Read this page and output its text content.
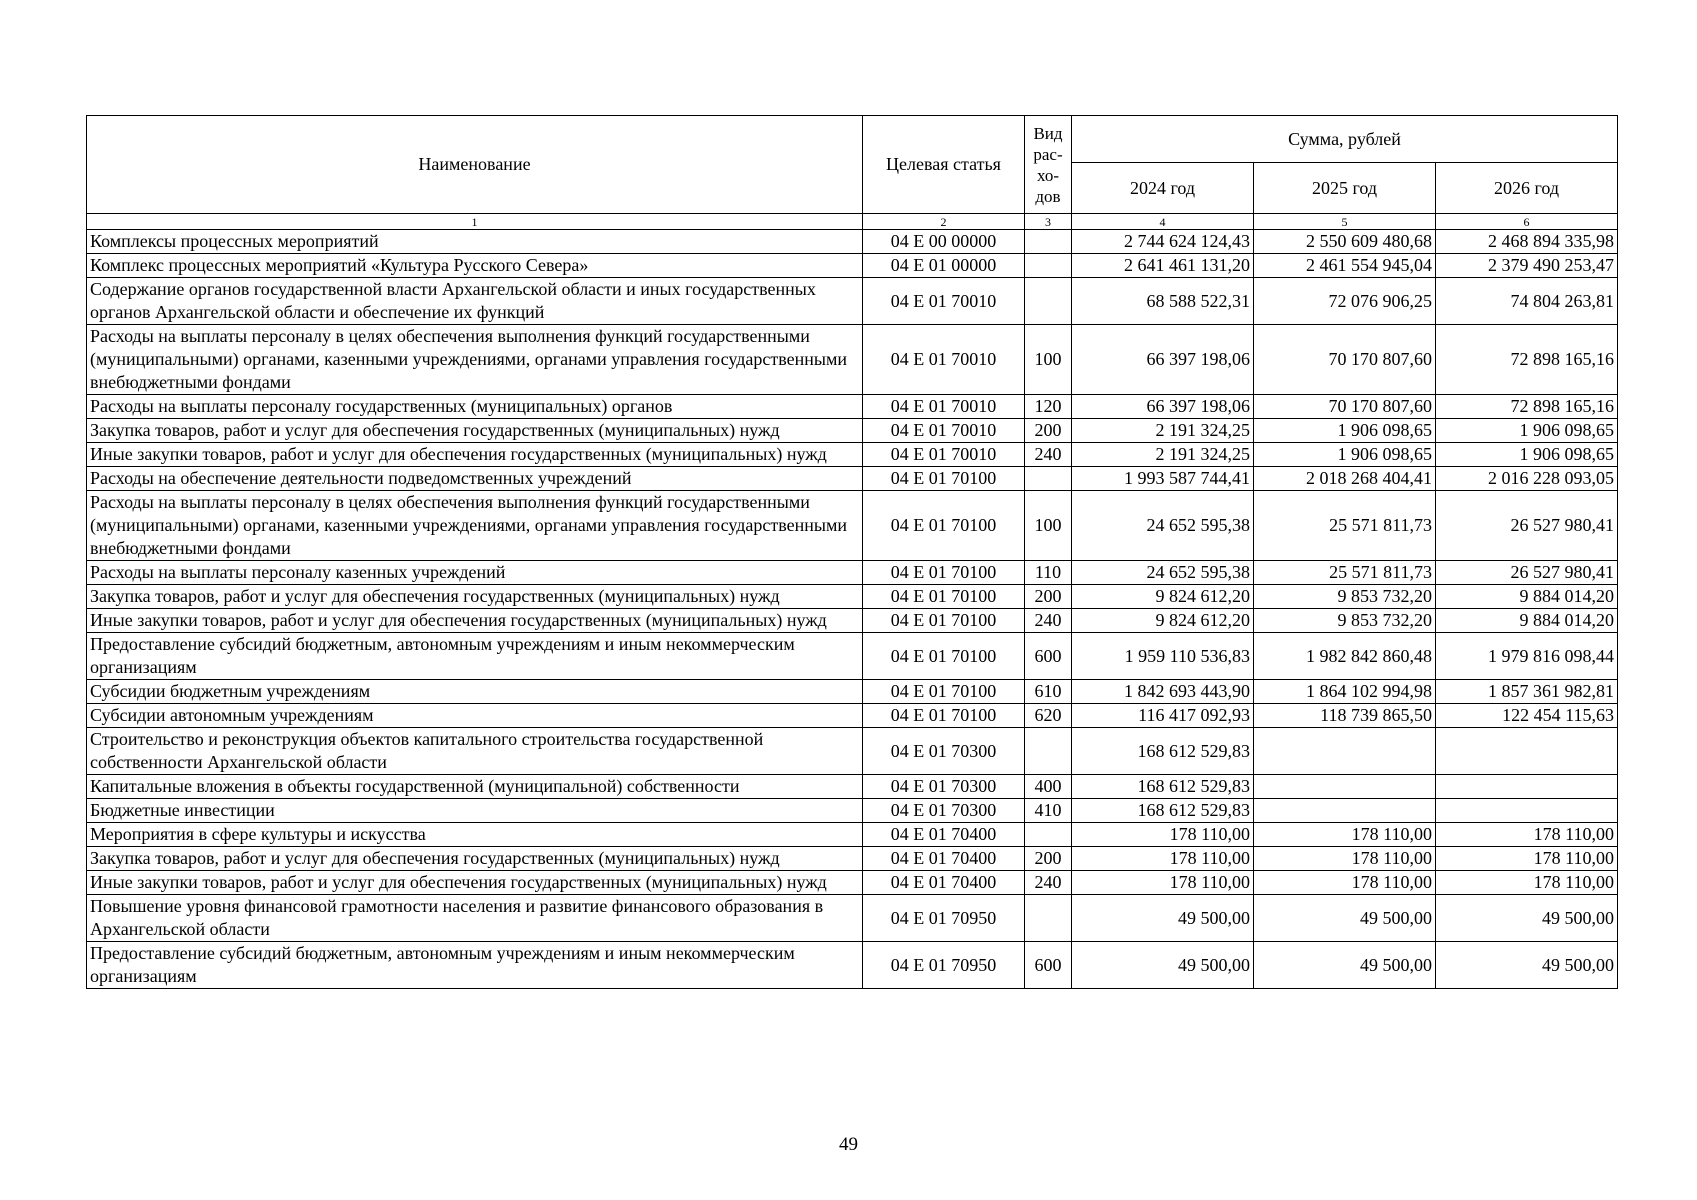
Наименование	Целевая статья	Вид рас-хо-дов	Сумма, рублей		
			2024 год	2025 год	2026 год
1	2	3	4	5	6
Комплексы процессных мероприятий	04 E 00 00000		2 744 624 124,43	2 550 609 480,68	2 468 894 335,98
Комплекс процессных мероприятий «Культура Русского Севера»	04 E 01 00000		2 641 461 131,20	2 461 554 945,04	2 379 490 253,47
Содержание органов государственной власти Архангельской области и иных государственных органов Архангельской области и обеспечение их функций	04 E 01 70010		68 588 522,31	72 076 906,25	74 804 263,81
Расходы на выплаты персоналу в целях обеспечения выполнения функций государственными (муниципальными) органами, казенными учреждениями, органами управления государственными внебюджетными фондами	04 E 01 70010	100	66 397 198,06	70 170 807,60	72 898 165,16
Расходы на выплаты персоналу государственных (муниципальных) органов	04 E 01 70010	120	66 397 198,06	70 170 807,60	72 898 165,16
Закупка товаров, работ и услуг для обеспечения государственных (муниципальных) нужд	04 E 01 70010	200	2 191 324,25	1 906 098,65	1 906 098,65
Иные закупки товаров, работ и услуг для обеспечения государственных (муниципальных) нужд	04 E 01 70010	240	2 191 324,25	1 906 098,65	1 906 098,65
Расходы на обеспечение деятельности подведомственных учреждений	04 E 01 70100		1 993 587 744,41	2 018 268 404,41	2 016 228 093,05
Расходы на выплаты персоналу в целях обеспечения выполнения функций государственными (муниципальными) органами, казенными учреждениями, органами управления государственными внебюджетными фондами	04 E 01 70100	100	24 652 595,38	25 571 811,73	26 527 980,41
Расходы на выплаты персоналу казенных учреждений	04 E 01 70100	110	24 652 595,38	25 571 811,73	26 527 980,41
Закупка товаров, работ и услуг для обеспечения государственных (муниципальных) нужд	04 E 01 70100	200	9 824 612,20	9 853 732,20	9 884 014,20
Иные закупки товаров, работ и услуг для обеспечения государственных (муниципальных) нужд	04 E 01 70100	240	9 824 612,20	9 853 732,20	9 884 014,20
Предоставление субсидий бюджетным, автономным учреждениям и иным некоммерческим организациям	04 E 01 70100	600	1 959 110 536,83	1 982 842 860,48	1 979 816 098,44
Субсидии бюджетным учреждениям	04 E 01 70100	610	1 842 693 443,90	1 864 102 994,98	1 857 361 982,81
Субсидии автономным учреждениям	04 E 01 70100	620	116 417 092,93	118 739 865,50	122 454 115,63
Строительство и реконструкция объектов капитального строительства государственной собственности Архангельской области	04 E 01 70300		168 612 529,83		
Капитальные вложения в объекты государственной (муниципальной) собственности	04 E 01 70300	400	168 612 529,83		
Бюджетные инвестиции	04 E 01 70300	410	168 612 529,83		
Мероприятия в сфере культуры и искусства	04 E 01 70400		178 110,00	178 110,00	178 110,00
Закупка товаров, работ и услуг для обеспечения государственных (муниципальных) нужд	04 E 01 70400	200	178 110,00	178 110,00	178 110,00
Иные закупки товаров, работ и услуг для обеспечения государственных (муниципальных) нужд	04 E 01 70400	240	178 110,00	178 110,00	178 110,00
Повышение уровня финансовой грамотности населения и развитие финансового образования в Архангельской области	04 E 01 70950		49 500,00	49 500,00	49 500,00
Предоставление субсидий бюджетным, автономным учреждениям и иным некоммерческим организациям	04 E 01 70950	600	49 500,00	49 500,00	49 500,00
49
